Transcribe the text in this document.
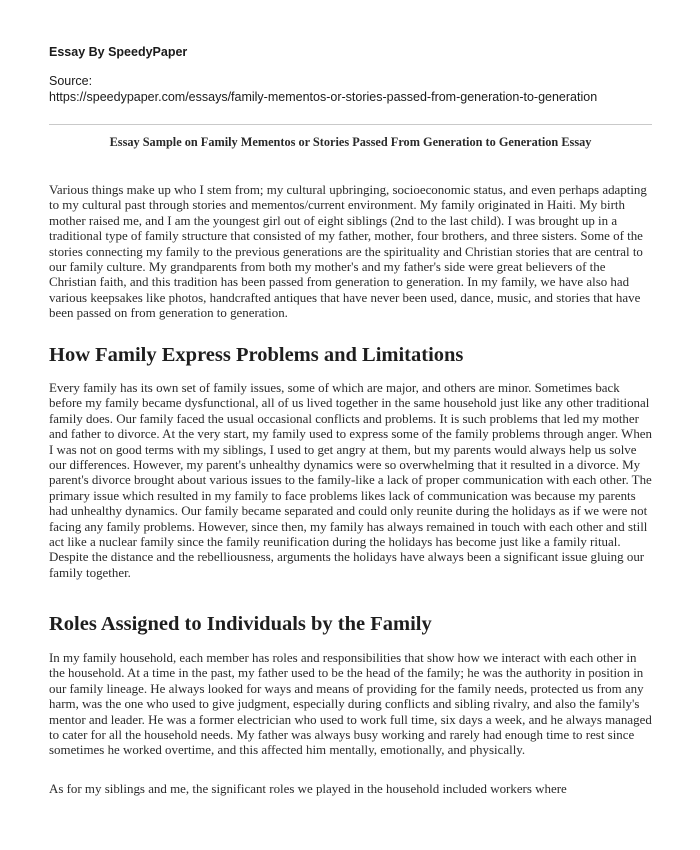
Essay By SpeedyPaper
Source:
https://speedypaper.com/essays/family-mementos-or-stories-passed-from-generation-to-generation
Essay Sample on Family Mementos or Stories Passed From Generation to Generation Essay

Various things make up who I stem from; my cultural upbringing, socioeconomic status, and even perhaps adapting to my cultural past through stories and mementos/current environment. My family originated in Haiti. My birth mother raised me, and I am the youngest girl out of eight siblings (2nd to the last child). I was brought up in a traditional type of family structure that consisted of my father, mother, four brothers, and three sisters. Some of the stories connecting my family to the previous generations are the spirituality and Christian stories that are central to our family culture. My grandparents from both my mother's and my father's side were great believers of the Christian faith, and this tradition has been passed from generation to generation. In my family, we have also had various keepsakes like photos, handcrafted antiques that have never been used, dance, music, and stories that have been passed on from generation to generation.

How Family Express Problems and Limitations

Every family has its own set of family issues, some of which are major, and others are minor. Sometimes back before my family became dysfunctional, all of us lived together in the same household just like any other traditional family does. Our family faced the usual occasional conflicts and problems. It is such problems that led my mother and father to divorce. At the very start, my family used to express some of the family problems through anger. When I was not on good terms with my siblings, I used to get angry at them, but my parents would always help us solve our differences. However, my parent's unhealthy dynamics were so overwhelming that it resulted in a divorce. My parent's divorce brought about various issues to the family-like a lack of proper communication with each other. The primary issue which resulted in my family to face problems likes lack of communication was because my parents had unhealthy dynamics. Our family became separated and could only reunite during the holidays as if we were not facing any family problems. However, since then, my family has always remained in touch with each other and still act like a nuclear family since the family reunification during the holidays has become just like a family ritual. Despite the distance and the rebelliousness, arguments the holidays have always been a significant issue gluing our family together.

Roles Assigned to Individuals by the Family

In my family household, each member has roles and responsibilities that show how we interact with each other in the household. At a time in the past, my father used to be the head of the family; he was the authority in position in our family lineage. He always looked for ways and means of providing for the family needs, protected us from any harm, was the one who used to give judgment, especially during conflicts and sibling rivalry, and also the family's mentor and leader. He was a former electrician who used to work full time, six days a week, and he always managed to cater for all the household needs. My father was always busy working and rarely had enough time to rest since sometimes he worked overtime, and this affected him mentally, emotionally, and physically.

As for my siblings and me, the significant roles we played in the household included workers where
